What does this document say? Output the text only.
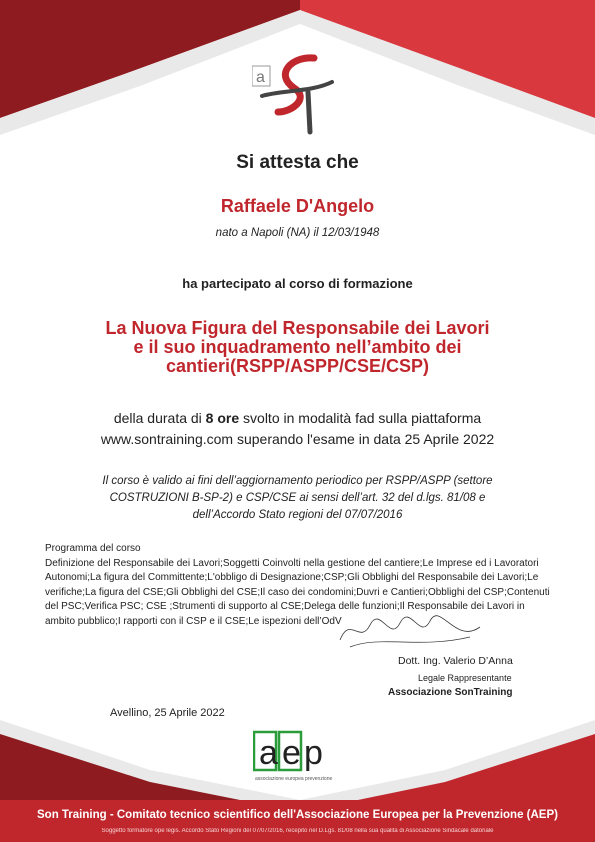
a
Si attesta che
Raffaele D'Angelo
nato a Napoli (NA) il 12/03/1948
ha partecipato al corso di formazione
La Nuova Figura del Responsabile dei Lavori
e il suo inquadramento nell’ambito dei
cantieri(RSPP/ASPP/CSE/CSP)
della durata di 8 ore svolto in modalità fad sulla piattaforma
www.sontraining.com superando l'esame in data 25 Aprile 2022
Il corso è valido ai fini dell’aggiornamento periodico per RSPP/ASPP (settore
COSTRUZIONI B-SP-2) e CSP/CSE ai sensi dell’art. 32 del d.lgs. 81/08 e
dell’Accordo Stato regioni del 07/07/2016
Programma del corso
Definizione del Responsabile dei Lavori;Soggetti Coinvolti nella gestione del cantiere;Le Imprese ed i Lavoratori Autonomi;La figura del Committente;L'obbligo di Designazione;CSP;Gli Obblighi del Responsabile dei Lavori;Le verifiche;La figura del CSE;Gli Obblighi del CSE;Il caso dei condomini;Duvri e Cantieri;Obblighi del CSP;Contenuti del PSC;Verifica PSC; CSE ;Strumenti di supporto al CSE;Delega delle funzioni;Il Responsabile dei Lavori in ambito pubblico;I rapporti con il CSP e il CSE;Le ispezioni dell’OdV
Dott. Ing. Valerio D’Anna
Legale Rappresentante
Associazione SonTraining
Avellino, 25 Aprile 2022
a e p
associazione europea prevenzione
Son Training - Comitato tecnico scientifico dell'Associazione Europea per la Prevenzione (AEP)
Soggetto formatore ope legis. Accordo Stato Regioni del 07/07/2016, recepito nel D.Lgs. 81/08 nella sua qualità di Associazione Sindacale datoriale
